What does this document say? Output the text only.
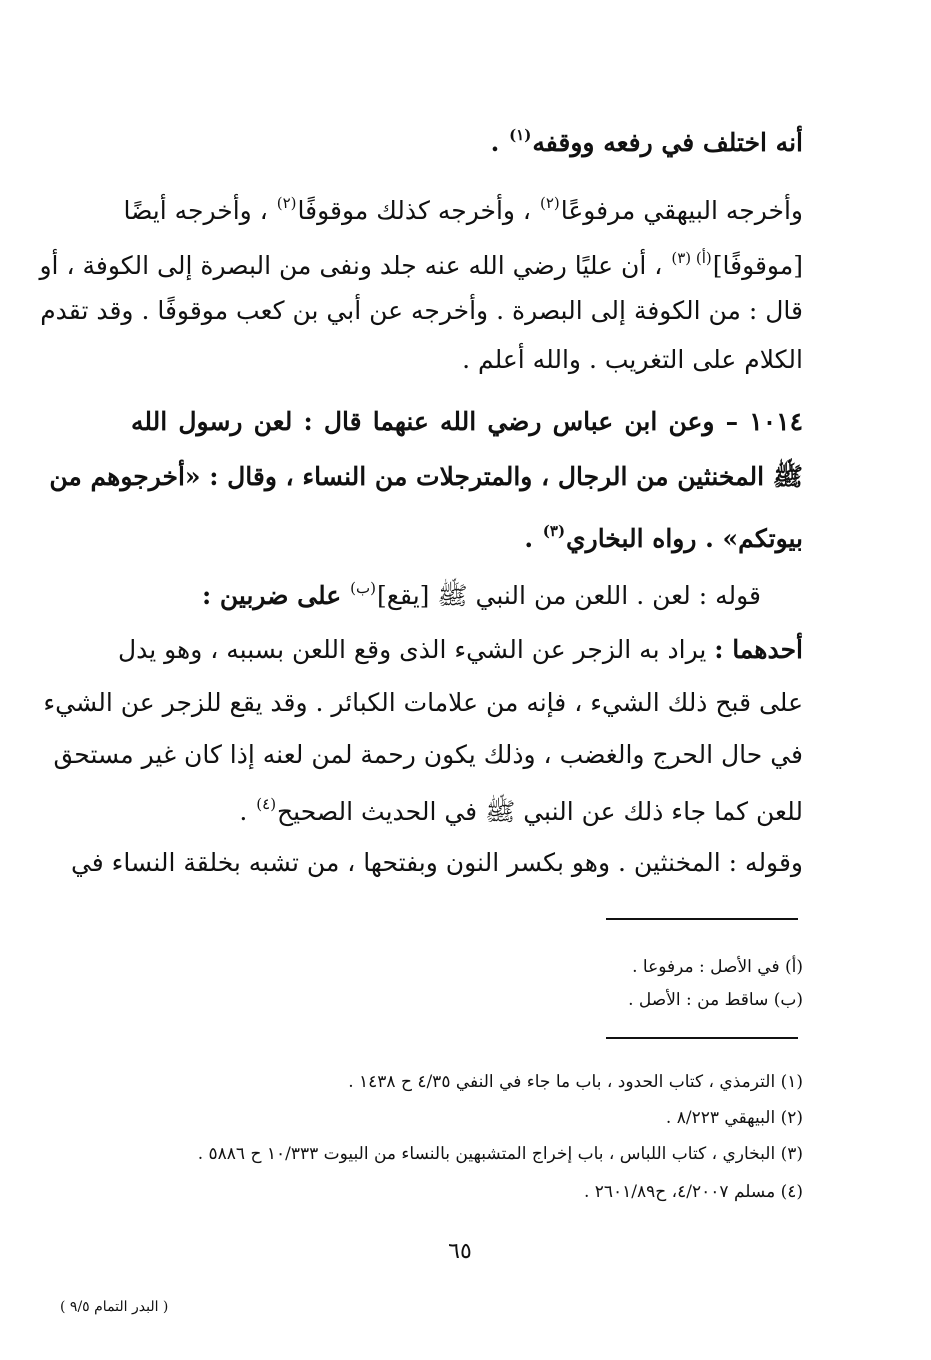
أنه اختلف في رفعه ووقفه$^{(١)}$ .
وأخرجه البيهقي مرفوعًا$^{(٢)}$ ، وأخرجه كذلك موقوفًا$^{(٢)}$ ، وأخرجه أيضًا
[موقوفًا]$^{(أ) (٣)}$ ، أن عليًا رضي الله عنه جلد ونفى من البصرة إلى الكوفة ، أو
قال : من الكوفة إلى البصرة . وأخرجه عن أبي بن كعب موقوفًا . وقد تقدم
الكلام على التغريب . والله أعلم .
١٠١٤ – وعن ابن عباس رضي الله عنهما قال : لعن رسول الله
ﷺ المخنثين من الرجال ، والمترجلات من النساء ، وقال : «أخرجوهم من
بيوتكم» . رواه البخاري$^{(٣)}$ .
قوله : لعن . اللعن من النبي ﷺ [يقع]$^{(ب)}$ على ضربين :
أحدهما : يراد به الزجر عن الشيء الذى وقع اللعن بسببه ، وهو يدل
على قبح ذلك الشيء ، فإنه من علامات الكبائر . وقد يقع للزجر عن الشيء
في حال الحرج والغضب ، وذلك يكون رحمة لمن لعنه إذا كان غير مستحق
للعن كما جاء ذلك عن النبي ﷺ في الحديث الصحيح$^{(٤)}$ .
وقوله : المخنثين . وهو بكسر النون وبفتحها ، من تشبه بخلقة النساء في
(أ) في الأصل : مرفوعا .
(ب) ساقط من : الأصل .
(١) الترمذي ، كتاب الحدود ، باب ما جاء في النفي ٤/٣٥ ح ١٤٣٨ .
(٢) البيهقي ٨/٢٢٣ .
(٣) البخاري ، كتاب اللباس ، باب إخراج المتشبهين بالنساء من البيوت ١٠/٣٣٣ ح ٥٨٨٦ .
(٤) مسلم ٤/٢٠٠٧، ح٢٦٠١/٨٩ .
٦٥
( البدر التمام ٩/٥ )
